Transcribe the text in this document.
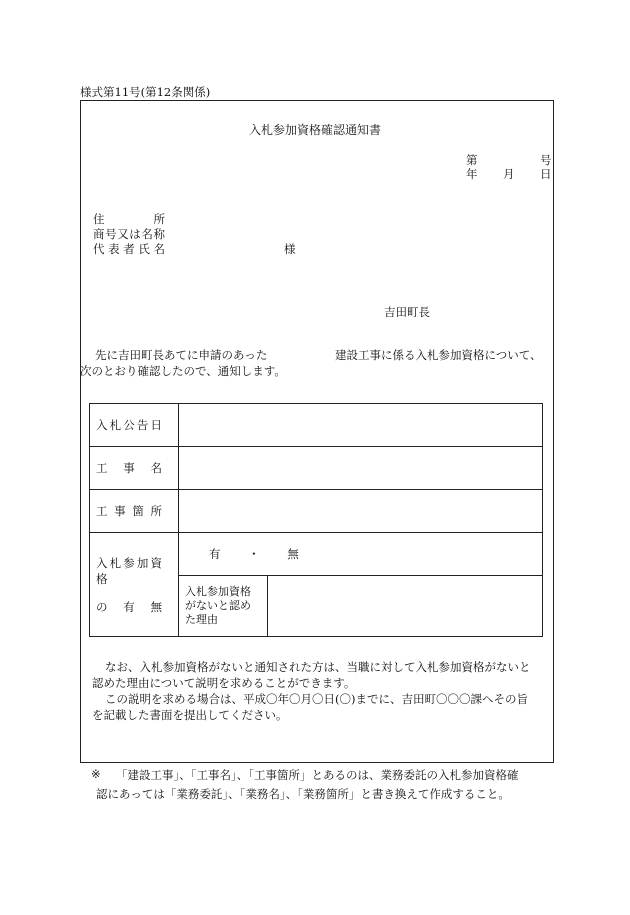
様式第11号(第12条関係)
入札参加資格確認通知書
第	号
年 月 日
住所
商号又は名称
代表者氏名	様
吉田町長
先に吉田町長あてに申請のあった	建設工事に係る入札参加資格について、
次のとおり確認したので、通知します。
入札公告日		

工事名		

工事箇所		

入札参加資格
の有無	有 ・ 無	

	入札参加資格
がないと認め
た理由	

なお、入札参加資格がないと通知された方は、当職に対して入札参加資格がないと
認めた理由について説明を求めることができます。
この説明を求める場合は、平成〇年〇月〇日(〇)までに、吉田町〇〇〇課へその旨
を記載した書面を提出してください。
※ 「建設工事」、「工事名」、「工事箇所」とあるのは、業務委託の入札参加資格確
認にあっては「業務委託」、「業務名」、「業務箇所」と書き換えて作成すること。
